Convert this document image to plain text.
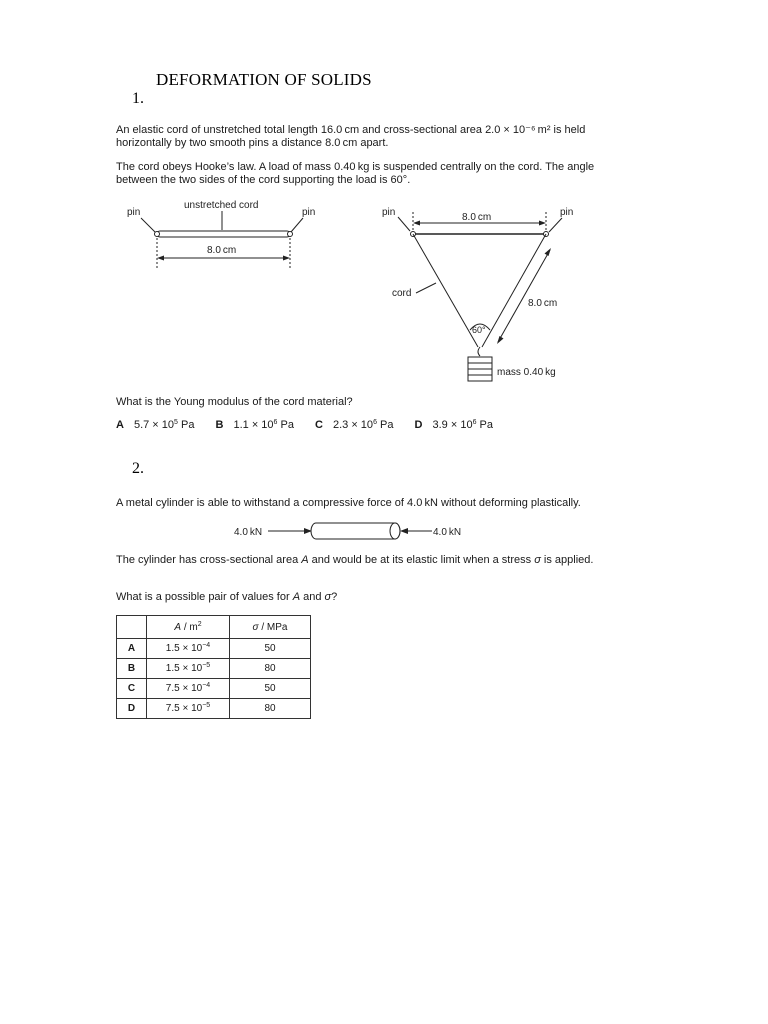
DEFORMATION OF SOLIDS
1.
An elastic cord of unstretched total length 16.0 cm and cross-sectional area 2.0 × 10⁻⁶ m² is held horizontally by two smooth pins a distance 8.0 cm apart.
The cord obeys Hooke’s law. A load of mass 0.40 kg is suspended centrally on the cord. The angle between the two sides of the cord supporting the load is 60°.
unstretched cord
pin	pin
8.0 cm
pin	pin
8.0 cm
cord
8.0 cm
60°
mass 0.40 kg
What is the Young modulus of the cord material?
A $5.7 \times 10^5$ Pa B $1.1 \times 10^6$ Pa C $2.3 \times 10^6$ Pa D $3.9 \times 10^6$ Pa
2.
A metal cylinder is able to withstand a compressive force of 4.0 kN without deforming plastically.
4.0 kN	4.0 kN
The cylinder has cross-sectional area A and would be at its elastic limit when a stress σ is applied.
What is a possible pair of values for A and σ?
	A / $m^2$	σ / MPa
A	$1.5 \times 10^{-4}$	50
B	$1.5 \times 10^{-5}$	80
C	$7.5 \times 10^{-4}$	50
D	$7.5 \times 10^{-5}$	80
